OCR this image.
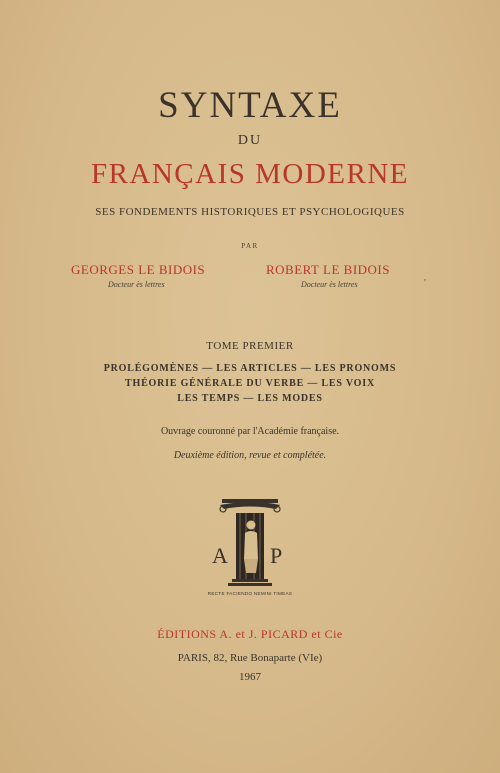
SYNTAXE
DU
FRANÇAIS MODERNE
SES FONDEMENTS HISTORIQUES ET PSYCHOLOGIQUES
PAR
GEORGES LE BIDOIS	ROBERT LE BIDOIS
Docteur ès lettres	Docteur ès lettres	'
TOME PREMIER
PROLÉGOMÈNES — LES ARTICLES — LES PRONOMS
THÉORIE GÉNÉRALE DU VERBE — LES VOIX
LES TEMPS — LES MODES
Ouvrage couronné par l'Académie française.
Deuxième édition, revue et complétée.
A P
RECTE FACIENDO NEMINI TIMEAS
ÉDITIONS A. et J. PICARD et Cie
PARIS, 82, Rue Bonaparte (VIe)
1967
